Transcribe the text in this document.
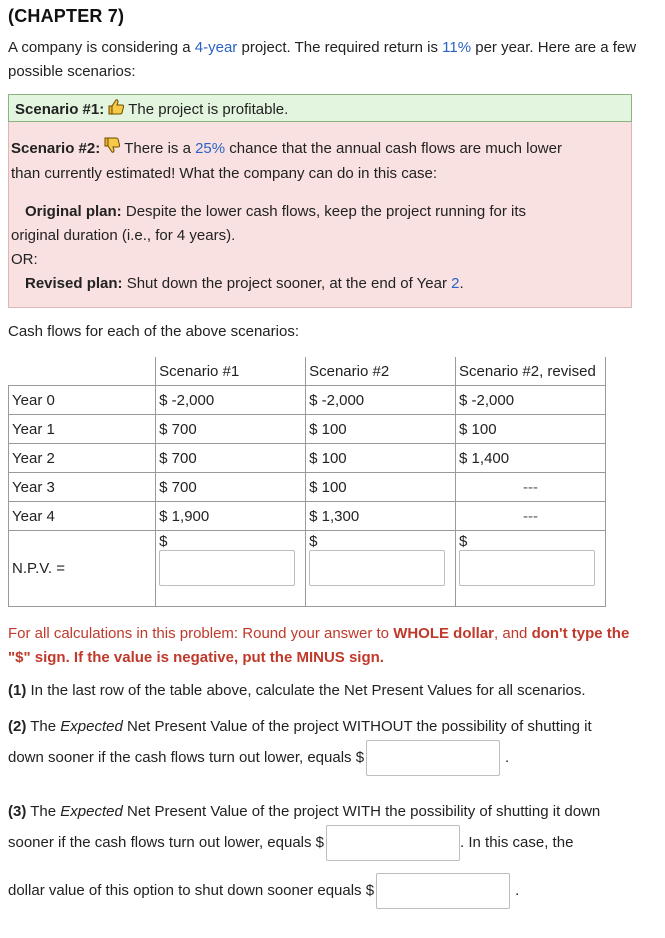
(CHAPTER 7)
A company is considering a 4-year project. The required return is 11% per year. Here are a few possible scenarios:
Scenario #1: The project is profitable.
Scenario #2: There is a 25% chance that the annual cash flows are much lower
than currently estimated! What the company can do in this case:
Original plan: Despite the lower cash flows, keep the project running for its
original duration (i.e., for 4 years).
OR:
Revised plan: Shut down the project sooner, at the end of Year 2.
Cash flows for each of the above scenarios:
	Scenario #1	Scenario #2	Scenario #2, revised
Year 0	$ -2,000	$ -2,000	$ -2,000
Year 1	$ 700	$ 100	$ 100
Year 2	$ 700	$ 100	$ 1,400
Year 3	$ 700	$ 100	---
Year 4	$ 1,900	$ 1,300	---
N.P.V. =	$	$	$
For all calculations in this problem: Round your answer to WHOLE dollar, and don't type the "$" sign. If the value is negative, put the MINUS sign.
(1) In the last row of the table above, calculate the Net Present Values for all scenarios.
(2) The Expected Net Present Value of the project WITHOUT the possibility of shutting it
down sooner if the cash flows turn out lower, equals $	.
(3) The Expected Net Present Value of the project WITH the possibility of shutting it down
sooner if the cash flows turn out lower, equals $	. In this case, the
dollar value of this option to shut down sooner equals $	.
